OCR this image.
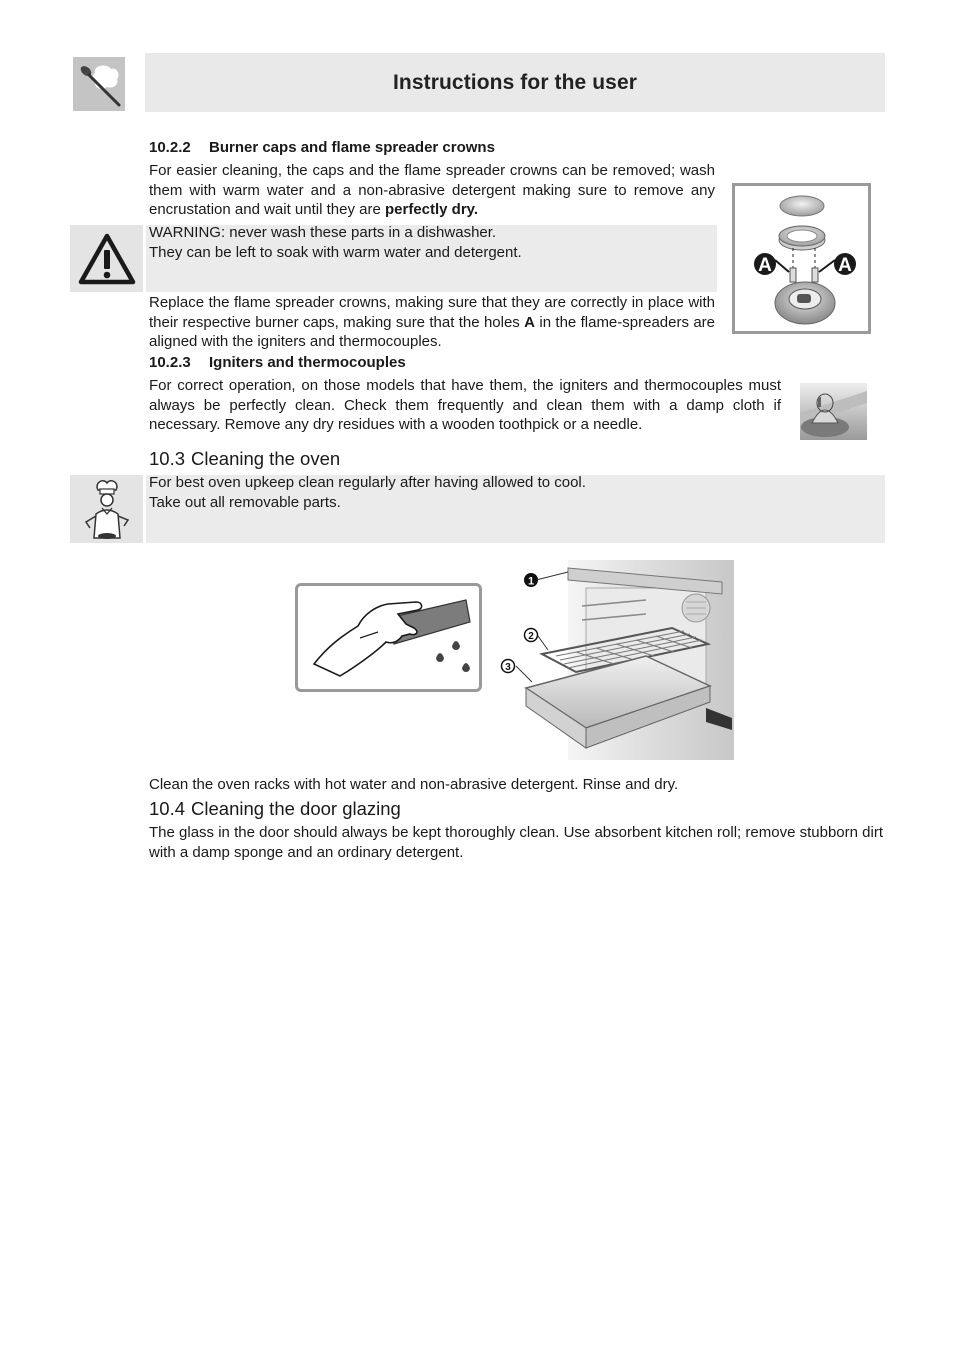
Instructions for the user
10.2.2 Burner caps and flame spreader crowns
For easier cleaning, the caps and the flame spreader crowns can be removed; wash them with warm water and a non-abrasive detergent making sure to remove any encrustation and wait until they are perfectly dry.

WARNING: never wash these parts in a dishwasher.

They can be left to soak with warm water and detergent.

Replace the flame spreader crowns, making sure that they are correctly in place with their respective burner caps, making sure that the holes A in the flame-spreaders are aligned with the igniters and thermocouples.
A	A
10.2.3 Igniters and thermocouples
For correct operation, on those models that have them, the igniters and thermocouples must always be perfectly clean. Check them frequently and clean them with a damp cloth if necessary. Remove any dry residues with a wooden toothpick or a needle.
10.3 Cleaning the oven

For best oven upkeep clean regularly after having allowed to cool.

Take out all removable parts.

1
2
3
Clean the oven racks with hot water and non-abrasive detergent. Rinse and dry.
10.4 Cleaning the door glazing
The glass in the door should always be kept thoroughly clean. Use absorbent kitchen roll; remove stubborn dirt with a damp sponge and an ordinary detergent.
